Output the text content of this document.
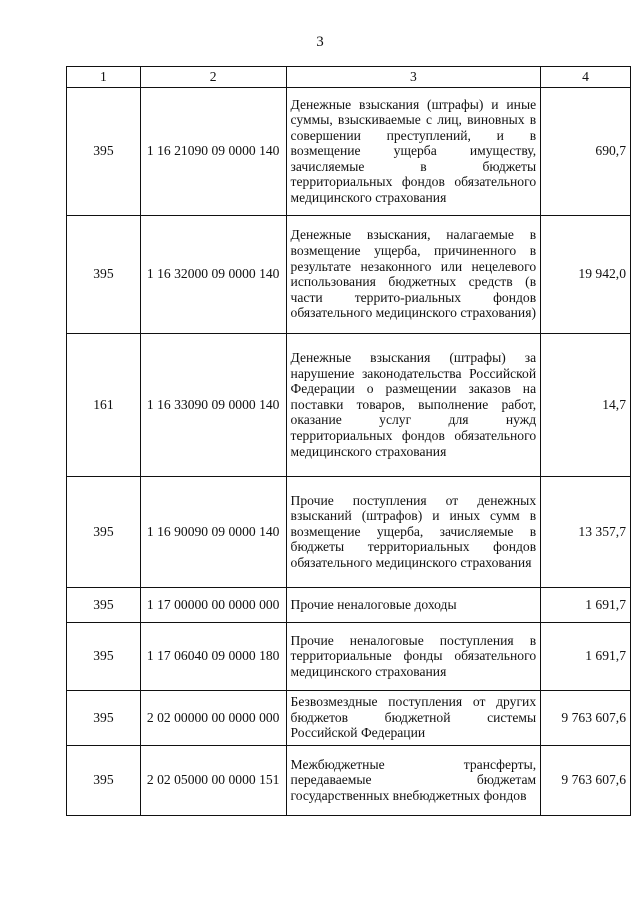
3
1	2	3	4
395	1 16 21090 09 0000 140	Денежные взыскания (штрафы) и иные суммы, взыскиваемые с лиц, виновных в совершении преступлений, и в возмещение ущерба имуществу, зачисляемые в бюджеты территориальных фондов обязательного медицинского страхования	690,7
395	1 16 32000 09 0000 140	Денежные взыскания, налагаемые в возмещение ущерба, причиненного в результате незаконного или нецелевого использования бюджетных средств (в части террито-риальных фондов обязательного медицинского страхования)	19 942,0
161	1 16 33090 09 0000 140	Денежные взыскания (штрафы) за нарушение законодательства Российской Федерации о размещении заказов на поставки товаров, выполнение работ, оказание услуг для нужд территориальных фондов обязательного медицинского страхования	14,7
395	1 16 90090 09 0000 140	Прочие поступления от денежных взысканий (штрафов) и иных сумм в возмещение ущерба, зачисляемые в бюджеты территориальных фондов обязательного медицинского страхования	13 357,7
395	1 17 00000 00 0000 000	Прочие неналоговые доходы	1 691,7
395	1 17 06040 09 0000 180	Прочие неналоговые поступления в территориальные фонды обязательного медицинского страхования	1 691,7
395	2 02 00000 00 0000 000	Безвозмездные поступления от других бюджетов бюджетной системы Российской Федерации	9 763 607,6
395	2 02 05000 00 0000 151	Межбюджетные трансферты, передаваемые бюджетам государственных внебюджетных фондов	9 763 607,6
